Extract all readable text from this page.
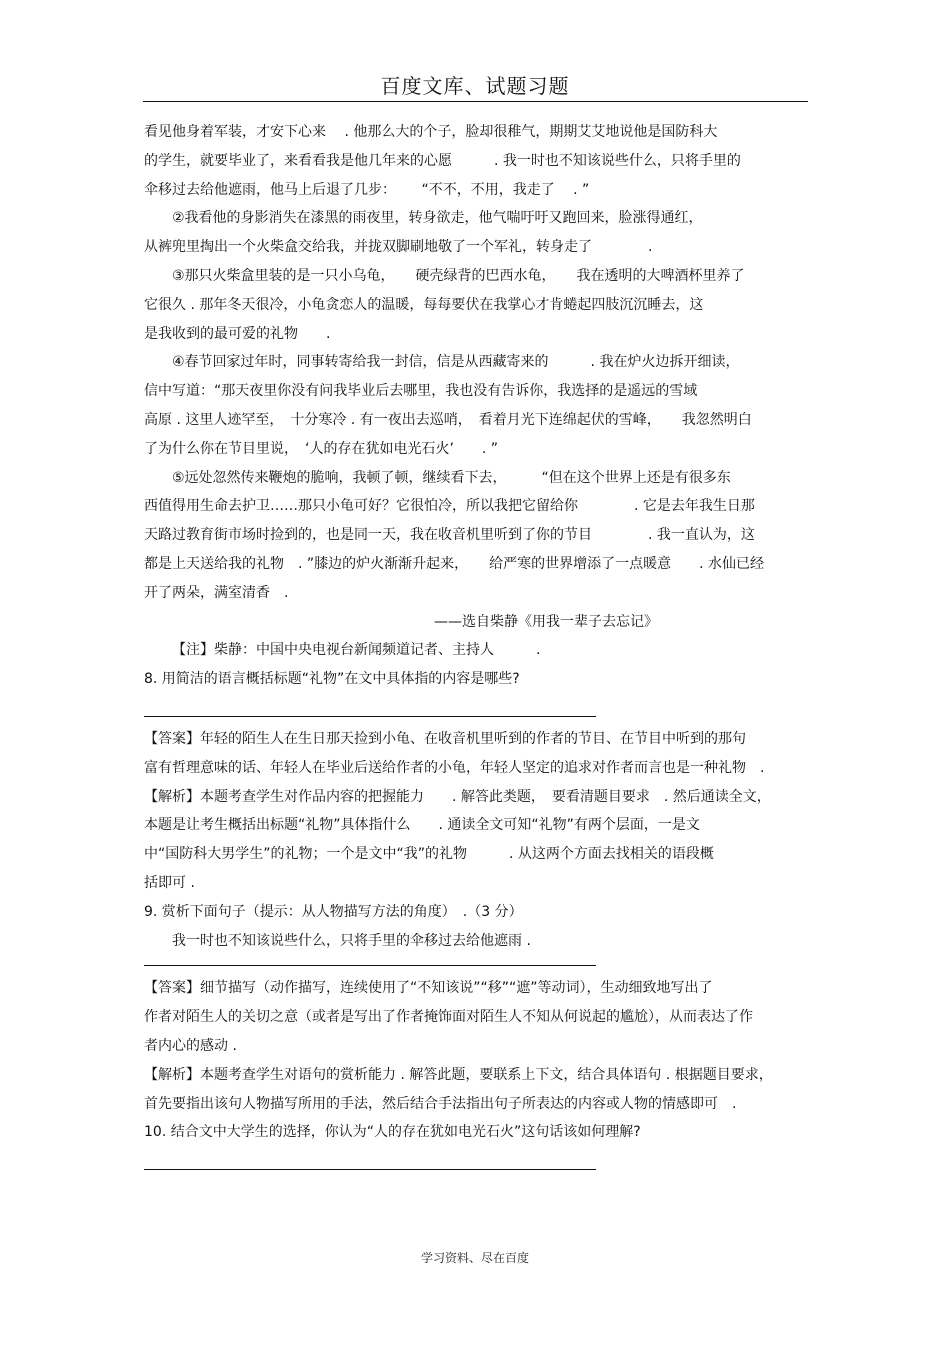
百度文库、试题习题
看见他身着军装，才安下心来　 . 他那么大的个子，脸却很稚气，期期艾艾地说他是国防科大
的学生，就要毕业了，来看看我是他几年来的心愿　　　. 我一时也不知该说些什么，只将手里的
伞移过去给他遮雨，他马上后退了几步：　　 “不不，不用，我走了　 . ”
②我看他的身影消失在漆黑的雨夜里，转身欲走，他气喘吁吁又跑回来，脸涨得通红，
从裤兜里掏出一个火柴盒交给我，并拢双脚刷地敬了一个军礼，转身走了　　　　.
③那只火柴盒里装的是一只小乌龟，　　硬壳绿背的巴西水龟，　　我在透明的大啤酒杯里养了
它很久 . 那年冬天很冷，小龟贪恋人的温暖，每每要伏在我掌心才肯蜷起四肢沉沉睡去，这
是我收到的最可爱的礼物　　.
④春节回家过年时，同事转寄给我一封信，信是从西藏寄来的　　　. 我在炉火边拆开细读，
信中写道：“那天夜里你没有问我毕业后去哪里，我也没有告诉你，我选择的是遥远的雪域
高原 . 这里人迹罕至，　十分寒冷 . 有一夜出去巡哨，　看着月光下连绵起伏的雪峰，　　我忽然明白
了为什么你在节目里说，　‘人的存在犹如电光石火’　　. ”
⑤远处忽然传来鞭炮的脆响，我顿了顿，继续看下去，　　　“但在这个世界上还是有很多东
西值得用生命去护卫……那只小龟可好？它很怕冷，所以我把它留给你　　　　. 它是去年我生日那
天路过教育街市场时捡到的，也是同一天，我在收音机里听到了你的节目　　　　. 我一直认为，这
都是上天送给我的礼物　. ”膝边的炉火渐渐升起来，　　给严寒的世界增添了一点暖意　　. 水仙已经
开了两朵，满室清香　.
——选自柴静《用我一辈子去忘记》
【注】柴静：中国中央电视台新闻频道记者、主持人　　　.
8. 用简洁的语言概括标题“礼物”在文中具体指的内容是哪些?
【答案】年轻的陌生人在生日那天捡到小龟、在收音机里听到的作者的节目、在节目中听到的那句
富有哲理意味的话、年轻人在毕业后送给作者的小龟，年轻人坚定的追求对作者而言也是一种礼物　.
【解析】本题考查学生对作品内容的把握能力　　. 解答此类题，　要看清题目要求　. 然后通读全文，
本题是让考生概括出标题“礼物”具体指什么　　. 通读全文可知“礼物”有两个层面，一是文
中“国防科大男学生”的礼物；一个是文中“我”的礼物　　　. 从这两个方面去找相关的语段概
括即可 .
9. 赏析下面句子（提示：从人物描写方法的角度）　.（3 分）
我一时也不知该说些什么，只将手里的伞移过去给他遮雨 .
【答案】细节描写（动作描写，连续使用了“不知该说”“移”“遮”等动词），生动细致地写出了
作者对陌生人的关切之意（或者是写出了作者掩饰面对陌生人不知从何说起的尴尬），从而表达了作
者内心的感动 .
【解析】本题考查学生对语句的赏析能力 . 解答此题，要联系上下文，结合具体语句 . 根据题目要求，
首先要指出该句人物描写所用的手法，然后结合手法指出句子所表达的内容或人物的情感即可　.
10. 结合文中大学生的选择，你认为“人的存在犹如电光石火”这句话该如何理解?
学习资料、尽在百度
